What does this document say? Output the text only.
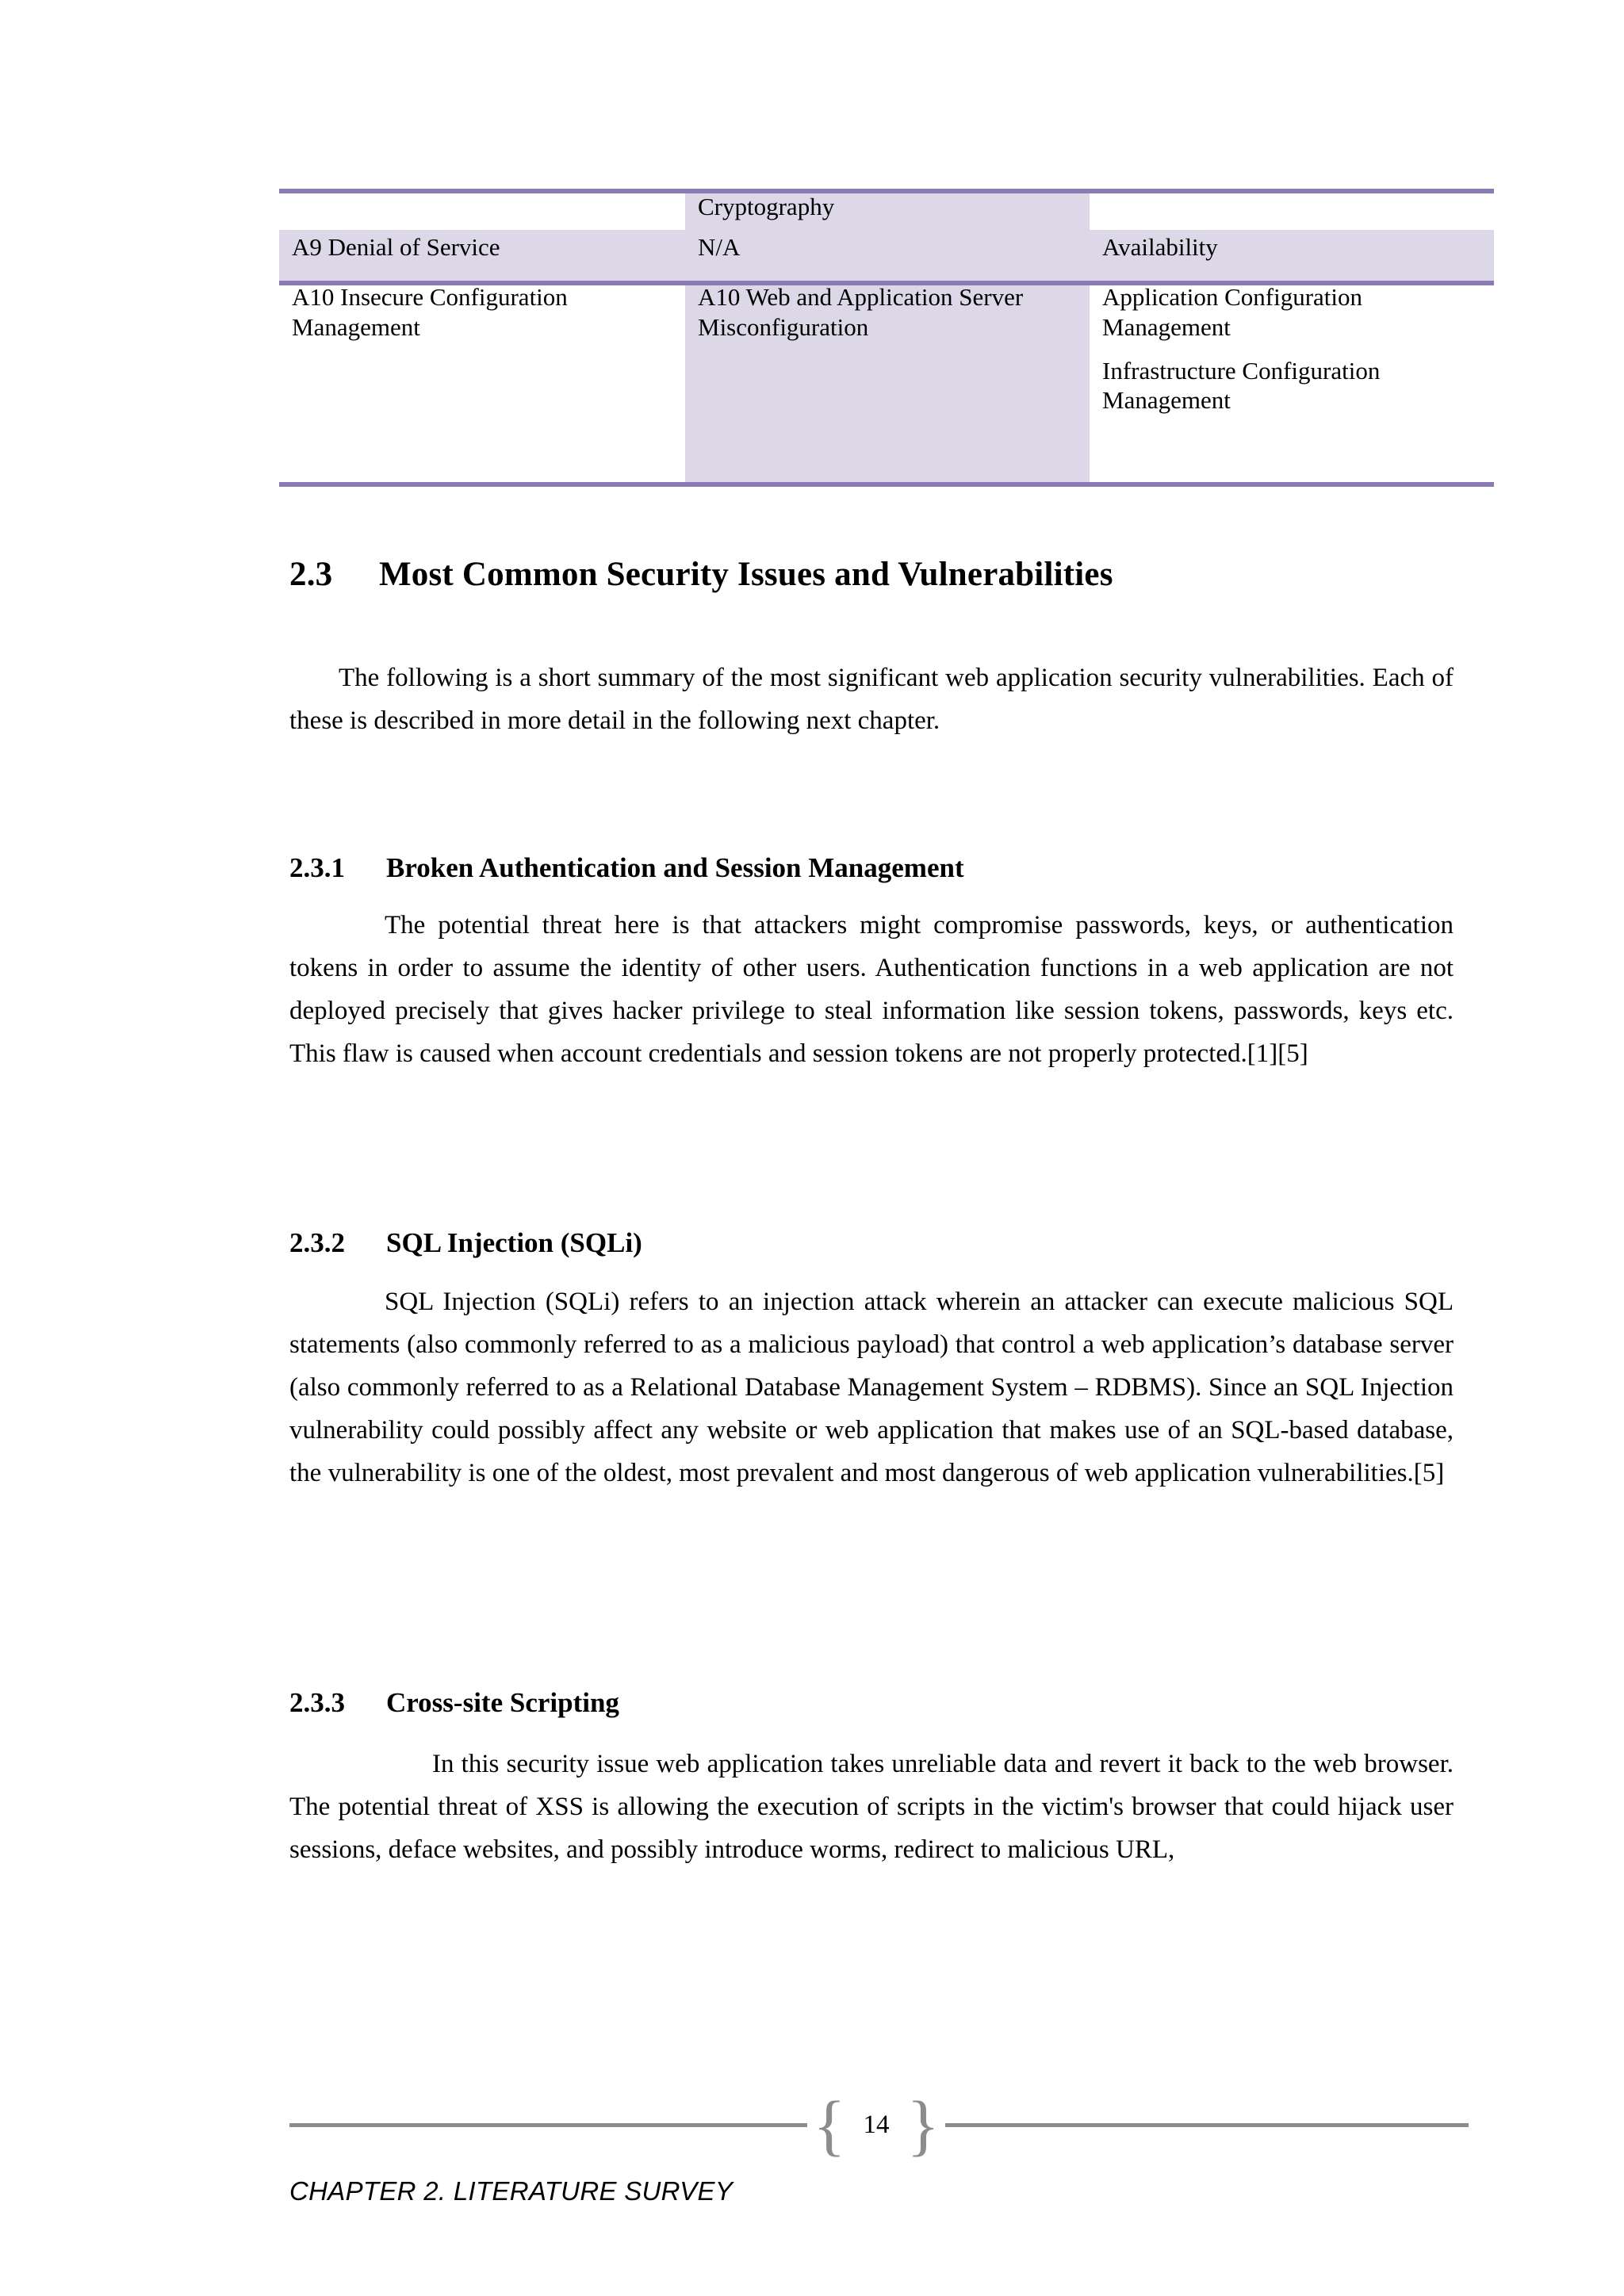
Cryptography
A9 Denial of Service	N/A	Availability
A10 Insecure Configuration Management
A10 Web and Application Server Misconfiguration
Application Configuration Management
Infrastructure Configuration Management
2.3 Most Common Security Issues and Vulnerabilities

The following is a short summary of the most significant web application security vulnerabilities. Each of these is described in more detail in the following next chapter.

2.3.1 Broken Authentication and Session Management

The potential threat here is that attackers might compromise passwords, keys, or authentication tokens in order to assume the identity of other users. Authentication functions in a web application are not deployed precisely that gives hacker privilege to steal information like session tokens, passwords, keys etc. This flaw is caused when account credentials and session tokens are not properly protected.[1][5]

2.3.2 SQL Injection (SQLi)

SQL Injection (SQLi) refers to an injection attack wherein an attacker can execute malicious SQL statements (also commonly referred to as a malicious payload) that control a web application’s database server (also commonly referred to as a Relational Database Management System – RDBMS). Since an SQL Injection vulnerability could possibly affect any website or web application that makes use of an SQL-based database, the vulnerability is one of the oldest, most prevalent and most dangerous of web application vulnerabilities.[5]

2.3.3 Cross-site Scripting

In this security issue web application takes unreliable data and revert it back to the web browser. The potential threat of XSS is allowing the execution of scripts in the victim's browser that could hijack user sessions, deface websites, and possibly introduce worms, redirect to malicious URL,

{ 14 }
CHAPTER 2. LITERATURE SURVEY
